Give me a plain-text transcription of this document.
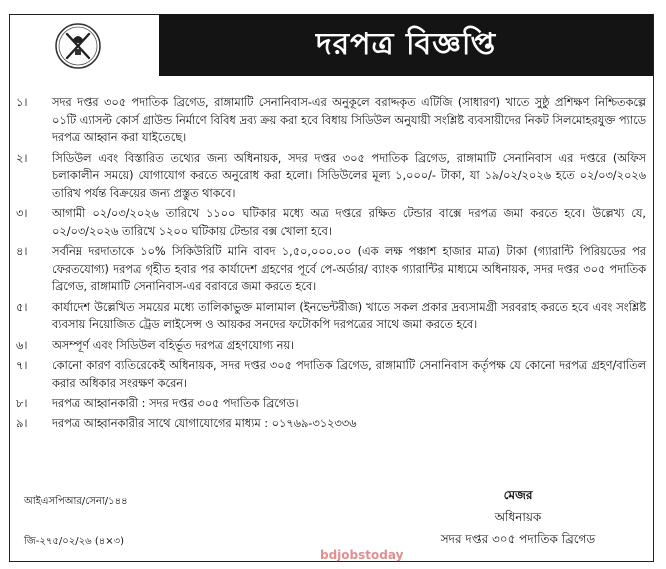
দরপত্র বিজ্ঞপ্তি
১।	সদর দপ্তর ৩০৫ পদাতিক ব্রিগেড, রাঙ্গামাটি সেনানিবাস-এর অনুকূলে বরাদ্দকৃত এটিজি (সাধারণ) খাতে সুষ্ঠু প্রশিক্ষণ নিশ্চিতকল্পে ০১টি এ্যাসল্ট কোর্স গ্রাউন্ড নির্মাণে বিবিধ দ্রব্য ক্রয় করা হবে বিধায় সিডিউল অনুযায়ী সংশ্লিষ্ট ব্যবসায়ীদের নিকট সিলমোহরযুক্ত প্যাডে দরপত্র আহ্বান করা যাইতেছে।
২।	সিডিউল এবং বিস্তারিত তথ্যের জন্য অধিনায়ক, সদর দপ্তর ৩০৫ পদাতিক ব্রিগেড, রাঙ্গামাটি সেনানিবাস এর দপ্তরে (অফিস চলাকালীন সময়ে) যোগাযোগ করতে অনুরোধ করা হলো। সিডিউলের মূল্য ১,০০০/- টাকা, যা ১৯/০২/২০২৬ হতে ০২/০৩/২০২৬ তারিখ পর্যন্ত বিক্রয়ের জন্য প্রস্তুত থাকবে।
৩।	আগামী ০২/০৩/২০২৬ তারিখে ১১০০ ঘটিকার মধ্যে অত্র দপ্তরে রক্ষিত টেন্ডার বাক্সে দরপত্র জমা করতে হবে। উল্লেখ্য যে, ০২/০৩/২০২৬ তারিখে ১২০০ ঘটিকায় টেন্ডার বক্স খোলা হবে।
৪।	সর্বনিম্ন দরদাতাকে ১০% সিকিউরিটি মানি বাবদ ১,৫০,০০০.০০ (এক লক্ষ পঞ্চাশ হাজার মাত্র) টাকা (গ্যারান্টি পিরিয়ডের পর ফেরতযোগ্য) দরপত্র গৃহীত হবার পর কার্যাদেশ গ্রহণের পূর্বে পে-অর্ডার/ ব্যাংক গ্যারান্টির মাধ্যমে অধিনায়ক, সদর দপ্তর ৩০৫ পদাতিক ব্রিগেড, রাঙ্গামাটি সেনানিবাস-এর বরাবরে জমা করতে হবে।
৫।	কার্যাদেশ উল্লেখিত সময়ের মধ্যে তালিকাভুক্ত মালামাল (ইনভেন্টরীজ) খাতে সকল প্রকার দ্রব্যসামগ্রী সরবরাহ করতে হবে এবং সংশ্লিষ্ট ব্যবসায় নিয়োজিত ট্রেড লাইসেন্স ও আয়কর সনদের ফটোকপি দরপত্রের সাথে জমা করতে হবে।
৬।	অসম্পূর্ণ এবং সিডিউল বহির্ভূত দরপত্র গ্রহণযোগ্য নয়।
৭।	কোনো কারণ ব্যতিরেকেই অধিনায়ক, সদর দপ্তর ৩০৫ পদাতিক ব্রিগেড, রাঙ্গামাটি সেনানিবাস কর্তৃপক্ষ যে কোনো দরপত্র গ্রহণ/বাতিল করার অধিকার সংরক্ষণ করেন।
৮।	দরপত্র আহ্বানকারী : সদর দপ্তর ৩০৫ পদাতিক ব্রিগেড।
৯।	দরপত্র আহ্বানকারীর সাথে যোগাযোগের মাধ্যম : ০১৭৬৯-৩১২৩৩৬
আইএসপিআর/সেনা/১৪৪
জি-২৭৫/০২/২৬ (৪×৩)
মেজর
অধিনায়ক
সদর দপ্তর ৩০৫ পদাতিক ব্রিগেড
bdjobstoday
